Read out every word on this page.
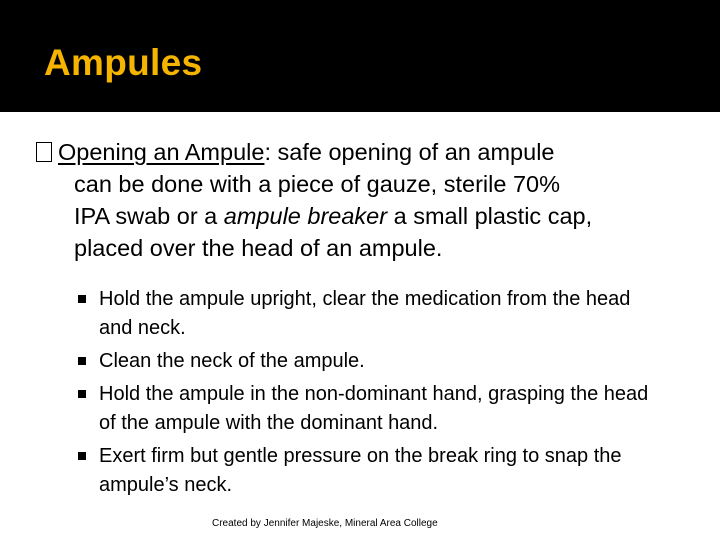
Ampules

Opening an Ampule: safe opening of an ampule
can be done with a piece of gauze, sterile 70%
IPA swab or a ampule breaker a small plastic cap,
placed over the head of an ampule.

Hold the ampule upright, clear the medication from the head and neck.
Clean the neck of the ampule.
Hold the ampule in the non-dominant hand, grasping the head of the ampule with the dominant hand.
Exert firm but gentle pressure on the break ring to snap the ampule’s neck.
Created by Jennifer Majeske, Mineral Area College
